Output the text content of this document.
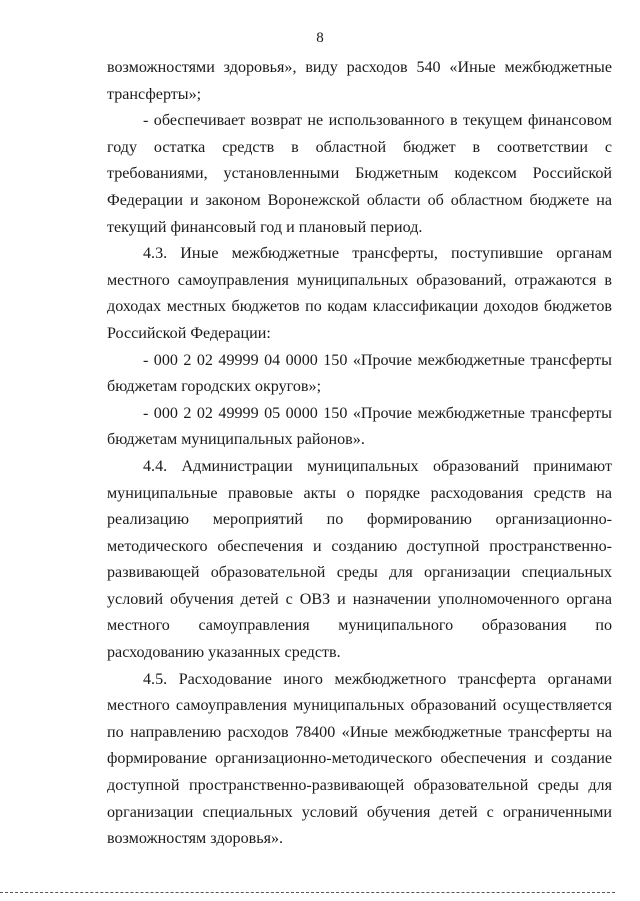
8

возможностями здоровья», виду расходов 540 «Иные межбюджетные трансферты»;

- обеспечивает возврат не использованного в текущем финансовом году остатка средств в областной бюджет в соответствии с требованиями, установленными Бюджетным кодексом Российской Федерации и законом Воронежской области об областном бюджете на текущий финансовый год и плановый период.

4.3. Иные межбюджетные трансферты, поступившие органам местного самоуправления муниципальных образований, отражаются в доходах местных бюджетов по кодам классификации доходов бюджетов Российской Федерации:

- 000 2 02 49999 04 0000 150 «Прочие межбюджетные трансферты бюджетам городских округов»;

- 000 2 02 49999 05 0000 150 «Прочие межбюджетные трансферты бюджетам муниципальных районов».

4.4. Администрации муниципальных образований принимают муниципальные правовые акты о порядке расходования средств на реализацию мероприятий по формированию организационно-методического обеспечения и созданию доступной пространственно-развивающей образовательной среды для организации специальных условий обучения детей с ОВЗ и назначении уполномоченного органа местного самоуправления муниципального образования по расходованию указанных средств.

4.5. Расходование иного межбюджетного трансферта органами местного самоуправления муниципальных образований осуществляется по направлению расходов 78400 «Иные межбюджетные трансферты на формирование организационно-методического обеспечения и создание доступной пространственно-развивающей образовательной среды для организации специальных условий обучения детей с ограниченными возможностям здоровья».
